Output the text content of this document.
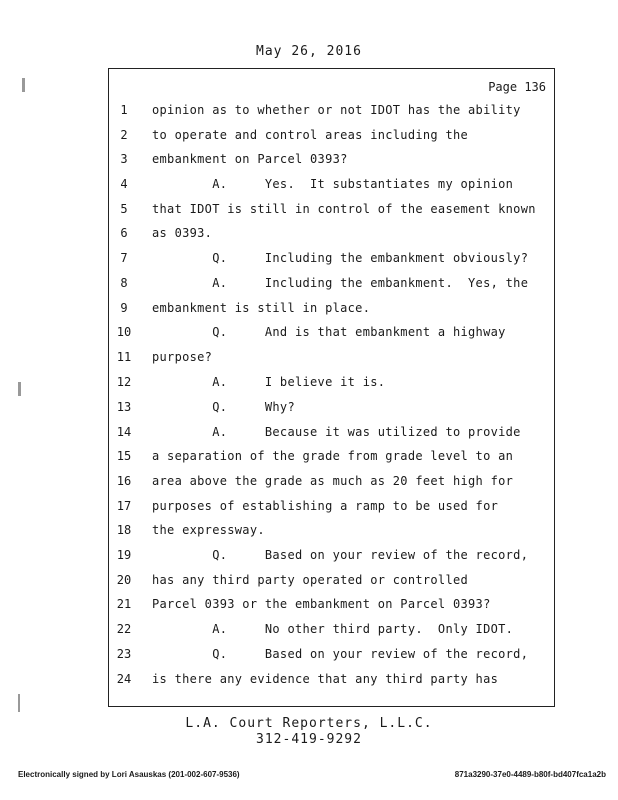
May 26, 2016
Page 136
1	opinion as to whether or not IDOT has the ability
2	to operate and control areas including the
3	embankment on Parcel 0393?
4	A.     Yes.  It substantiates my opinion
5	that IDOT is still in control of the easement known
6	as 0393.
7	Q.     Including the embankment obviously?
8	A.     Including the embankment.  Yes, the
9	embankment is still in place.
10	Q.     And is that embankment a highway
11	purpose?
12	A.     I believe it is.
13	Q.     Why?
14	A.     Because it was utilized to provide
15	a separation of the grade from grade level to an
16	area above the grade as much as 20 feet high for
17	purposes of establishing a ramp to be used for
18	the expressway.
19	Q.     Based on your review of the record,
20	has any third party operated or controlled
21	Parcel 0393 or the embankment on Parcel 0393?
22	A.     No other third party.  Only IDOT.
23	Q.     Based on your review of the record,
24	is there any evidence that any third party has
L.A. Court Reporters, L.L.C.
312-419-9292
Electronically signed by Lori Asauskas (201-002-607-9536)	871a3290-37e0-4489-b80f-bd407fca1a2b
